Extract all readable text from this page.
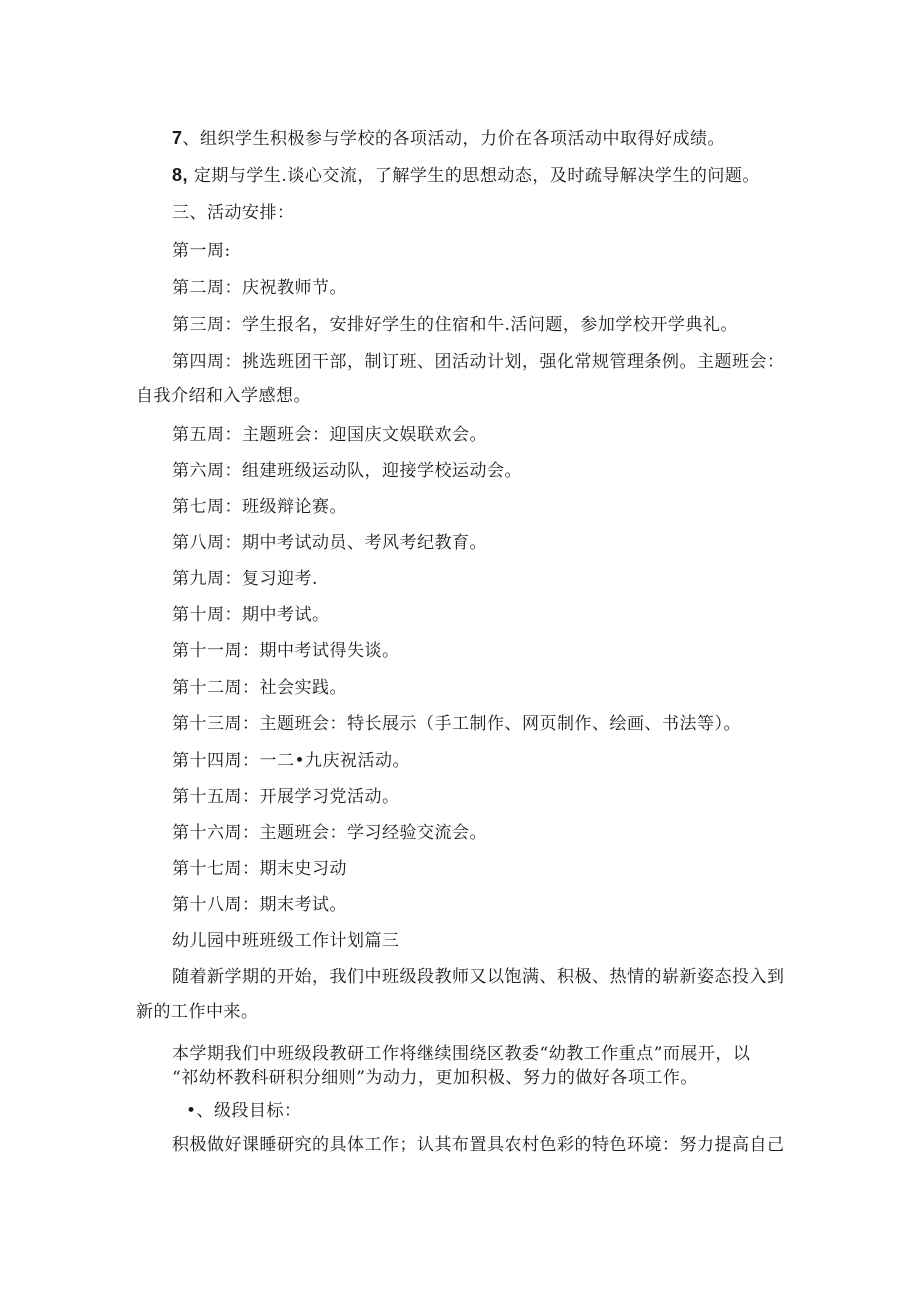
7、组织学生积极参与学校的各项活动，力价在各项活动中取得好成绩。
8, 定期与学生.谈心交流，了解学生的思想动态，及时疏导解决学生的问题。
三、活动安排：
第一周:
第二周：庆祝教师节。
第三周：学生报名，安排好学生的住宿和牛.活问题，参加学校开学典礼。
第四周：挑选班团干部，制订班、团活动计划，强化常规管理条例。主题班会：
自我介绍和入学感想。
第五周：主题班会：迎国庆文娱联欢会。
第六周：组建班级运动队，迎接学校运动会。
第七周：班级辩论赛。
第八周：期中考试动员、考风考纪教育。
第九周：复习迎考.
第十周：期中考试。
第十一周：期中考试得失谈。
第十二周：社会实践。
第十三周：主题班会：特长展示（手工制作、网页制作、绘画、书法等）。
第十四周：一二•九庆祝活动。
第十五周：开展学习党活动。
第十六周：主题班会：学习经验交流会。
第十七周：期末史习动
第十八周：期末考试。
幼儿园中班班级工作计划篇三
随着新学期的开始，我们中班级段教师又以饱满、积极、热情的崭新姿态投入到
新的工作中来。
本学期我们中班级段教研工作将继续围绕区教委“幼教工作重点”而展开，以
“祁幼杯教科研积分细则”为动力，更加积极、努力的做好各项工作。
•、级段目标：
积极做好课睡研究的具体工作；认其布置具农村色彩的特色环境：努力提高自己
